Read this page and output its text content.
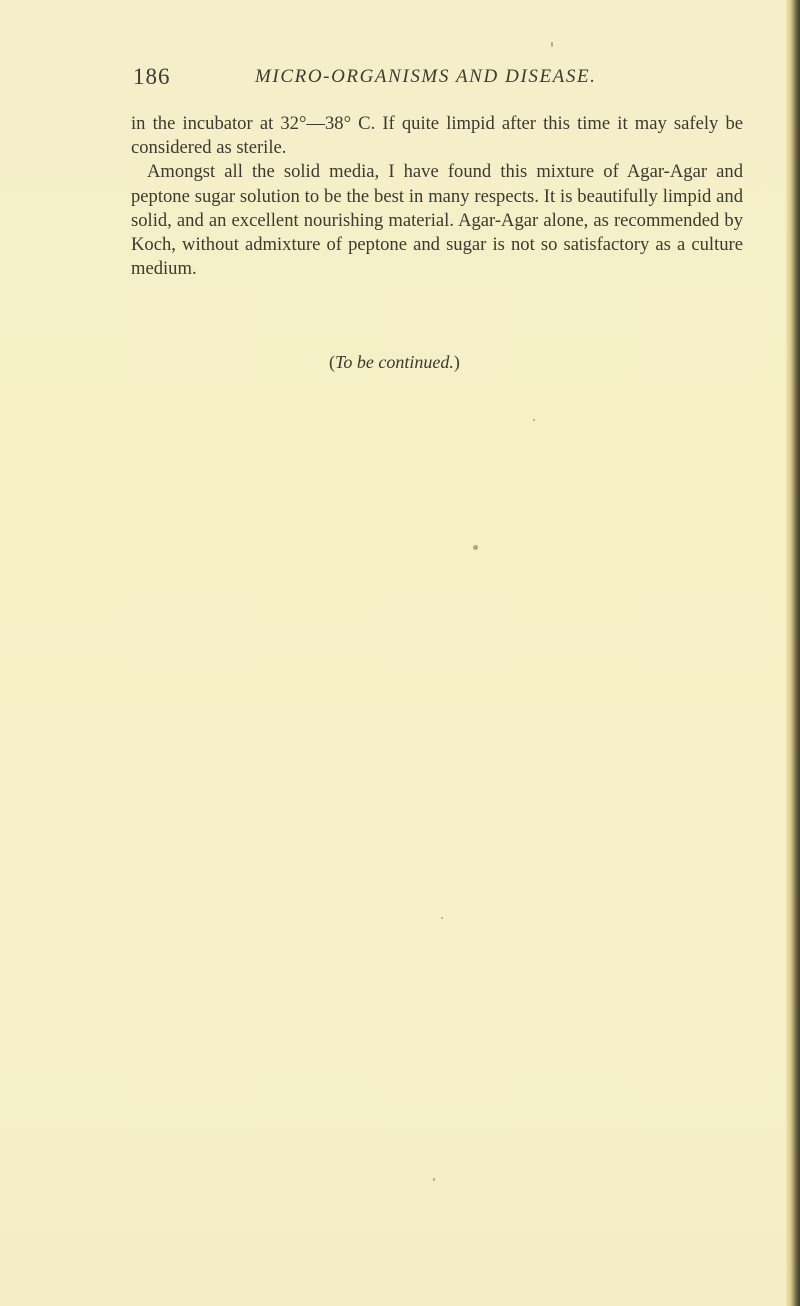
186	MICRO-ORGANISMS AND DISEASE.

in the incubator at 32°—38° C. If quite limpid after this time it may safely be considered as sterile.

Amongst all the solid media, I have found this mixture of Agar-Agar and peptone sugar solution to be the best in many respects. It is beautifully limpid and solid, and an excellent nourishing material. Agar-Agar alone, as recommended by Koch, without admixture of peptone and sugar is not so satisfactory as a culture medium.

(To be continued.)
